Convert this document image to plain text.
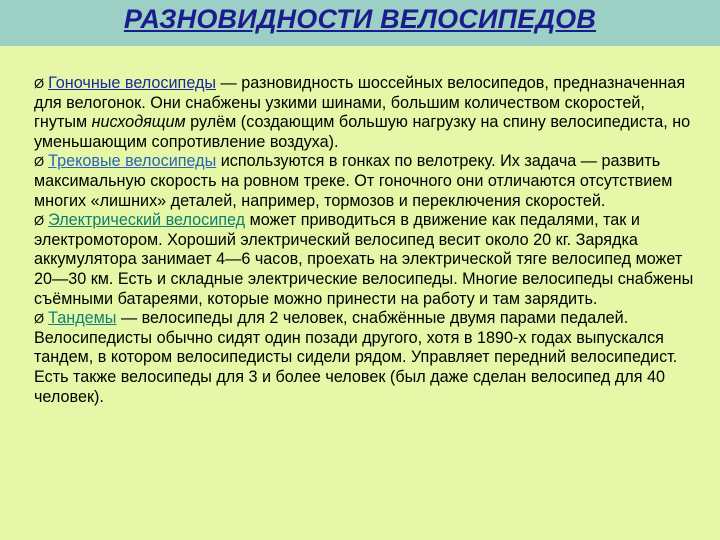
РАЗНОВИДНОСТИ ВЕЛОСИПЕДОВ

Ø Гоночные велосипеды — разновидность шоссейных велосипедов, предназначенная для велогонок. Они снабжены узкими шинами, большим количеством скоростей, гнутым нисходящим рулём (создающим большую нагрузку на спину велосипедиста, но уменьшающим сопротивление воздуха).

Ø Трековые велосипеды используются в гонках по велотреку. Их задача — развить максимальную скорость на ровном треке. От гоночного они отличаются отсутствием многих «лишних» деталей, например, тормозов и переключения скоростей.

Ø Электрический велосипед может приводиться в движение как педалями, так и электромотором. Хороший электрический велосипед весит около 20 кг. Зарядка аккумулятора занимает 4—6 часов, проехать на электрической тяге велосипед может 20—30 км. Есть и складные электрические велосипеды. Многие велосипеды снабжены съёмными батареями, которые можно принести на работу и там зарядить.

Ø Тандемы — велосипеды для 2 человек, снабжённые двумя парами педалей. Велосипедисты обычно сидят один позади другого, хотя в 1890-х годах выпускался тандем, в котором велосипедисты сидели рядом. Управляет передний велосипедист. Есть также велосипеды для 3 и более человек (был даже сделан велосипед для 40 человек).
